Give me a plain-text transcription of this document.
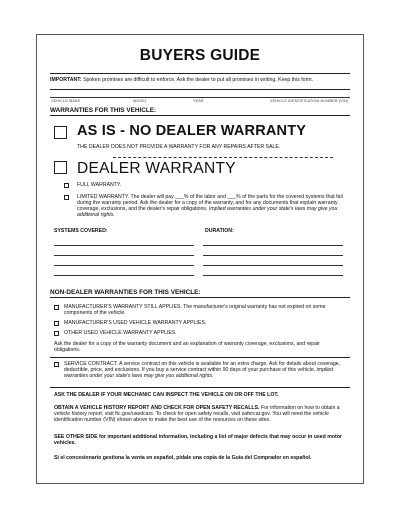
BUYERS GUIDE
IMPORTANT: Spoken promises are difficult to enforce. Ask the dealer to put all promises in writing. Keep this form.
VEHICLE MAKE	MODEL	YEAR	VEHICLE IDENTIFICATION NUMBER (VIN)
WARRANTIES FOR THIS VEHICLE:
AS IS - NO DEALER WARRANTY
THE DEALER DOES NOT PROVIDE A WARRANTY FOR ANY REPAIRS AFTER SALE.
DEALER WARRANTY
FULL WARRANTY.
LIMITED WARRANTY. The dealer will pay ___% of the labor and ___% of the parts for the covered systems that fail during the warranty period. Ask the dealer for a copy of the warranty, and for any documents that explain warranty coverage, exclusions, and the dealer's repair obligations. Implied warranties under your state's laws may give you additional rights.
SYSTEMS COVERED:	DURATION:
NON-DEALER WARRANTIES FOR THIS VEHICLE:
MANUFACTURER'S WARRANTY STILL APPLIES. The manufacturer's original warranty has not expired on some components of the vehicle.
MANUFACTURER'S USED VEHICLE WARRANTY APPLIES.
OTHER USED VEHICLE WARRANTY APPLIES.
Ask the dealer for a copy of the warranty document and an explanation of warranty coverage, exclusions, and repair obligations.
SERVICE CONTRACT. A service contract on this vehicle is available for an extra charge. Ask for details about coverage, deductible, price, and exclusions. If you buy a service contract within 90 days of your purchase of this vehicle, implied warranties under your state's laws may give you additional rights.
ASK THE DEALER IF YOUR MECHANIC CAN INSPECT THE VEHICLE ON OR OFF THE LOT.
OBTAIN A VEHICLE HISTORY REPORT AND CHECK FOR OPEN SAFETY RECALLS. For information on how to obtain a vehicle history report, visit ftc.gov/usedcars. To check for open safety recalls, visit safercar.gov. You will need the vehicle identification number (VIN) shown above to make the best use of the resources on these sites.
SEE OTHER SIDE for important additional information, including a list of major defects that may occur in used motor vehicles.
Si el concesionario gestiona la venta en español, pídale una copia de la Guía del Comprador en español.
